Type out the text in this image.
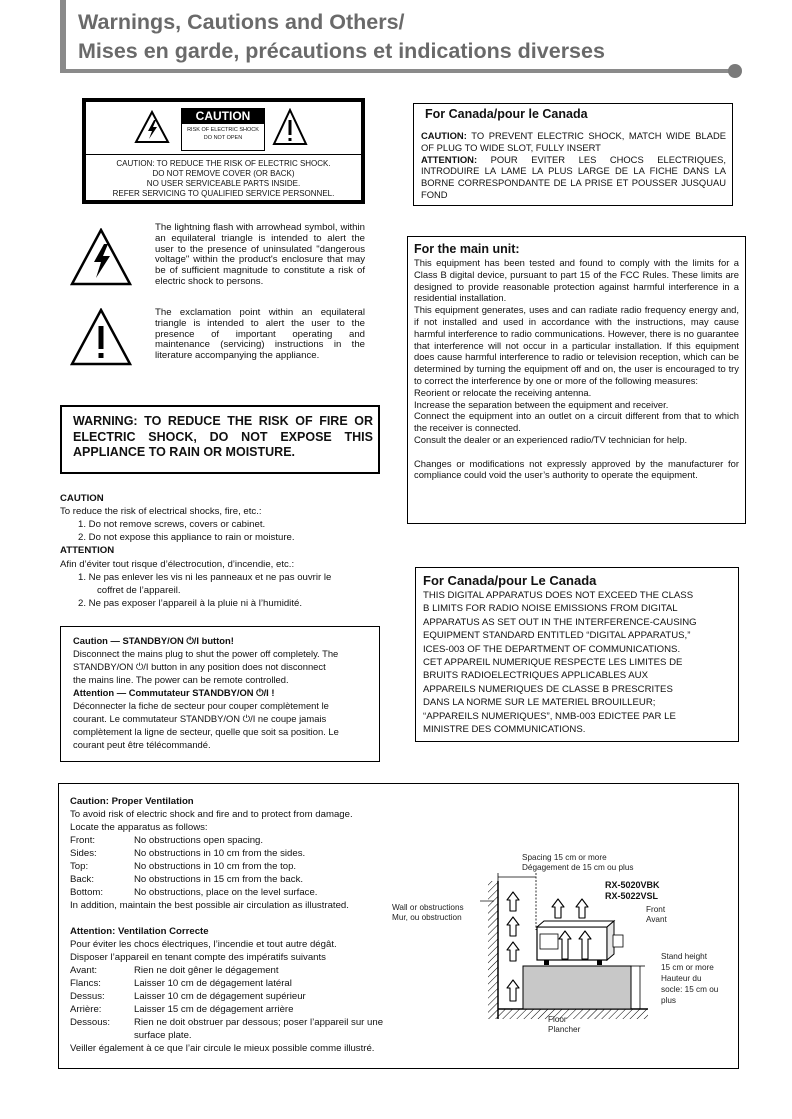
Warnings, Cautions and Others/
Mises en garde, précautions et indications diverses
CAUTION
RISK OF ELECTRIC SHOCK
DO NOT OPEN
CAUTION: TO REDUCE THE RISK OF ELECTRIC SHOCK.
DO NOT REMOVE COVER (OR BACK)
NO USER SERVICEABLE PARTS INSIDE.
REFER SERVICING TO QUALIFIED SERVICE PERSONNEL.
The lightning flash with arrowhead symbol, within an equilateral triangle is intended to alert the user to the presence of uninsulated "dangerous voltage" within the product's enclosure that may be of sufficient magnitude to constitute a risk of electric shock to persons.
The exclamation point within an equilateral triangle is intended to alert the user to the presence of important operating and maintenance (servicing) instructions in the literature accompanying the appliance.
WARNING: TO REDUCE THE RISK OF FIRE OR ELECTRIC SHOCK, DO NOT EXPOSE THIS APPLIANCE TO RAIN OR MOISTURE.
CAUTION
To reduce the risk of electrical shocks, fire, etc.:
1. Do not remove screws, covers or cabinet.
2. Do not expose this appliance to rain or moisture.
ATTENTION
Afin d’éviter tout risque d’électrocution, d’incendie, etc.:
1. Ne pas enlever les vis ni les panneaux et ne pas ouvrir le
coffret de l’appareil.
2. Ne pas exposer l’appareil à la pluie ni à l’humidité.
Caution — STANDBY/ON ⏻/I button!
Disconnect the mains plug to shut the power off completely. The
STANDBY/ON ⏻/I button in any position does not disconnect
the mains line. The power can be remote controlled.
Attention — Commutateur STANDBY/ON ⏻/I !
Déconnecter la fiche de secteur pour couper complètement le
courant. Le commutateur STANDBY/ON ⏻/I ne coupe jamais
complètement la ligne de secteur, quelle que soit sa position. Le
courant peut être télécommandé.
For Canada/pour le Canada
CAUTION: TO PREVENT ELECTRIC SHOCK, MATCH WIDE BLADE OF PLUG TO WIDE SLOT, FULLY INSERT
ATTENTION: POUR EVITER LES CHOCS ELECTRIQUES, INTRODUIRE LA LAME LA PLUS LARGE DE LA FICHE DANS LA BORNE CORRESPONDANTE DE LA PRISE ET POUSSER JUSQUAU FOND
For the main unit:
This equipment has been tested and found to comply with the limits for a Class B digital device, pursuant to part 15 of the FCC Rules. These limits are designed to provide reasonable protection against harmful interference in a residential installation.
This equipment generates, uses and can radiate radio frequency energy and, if not installed and used in accordance with the instructions, may cause harmful interference to radio communications. However, there is no guarantee that interference will not occur in a particular installation. If this equipment does cause harmful interference to radio or television reception, which can be determined by turning the equipment off and on, the user is encouraged to try to correct the interference by one or more of the following measures:
Reorient or relocate the receiving antenna.
Increase the separation between the equipment and receiver.
Connect the equipment into an outlet on a circuit different from that to which the receiver is connected.
Consult the dealer or an experienced radio/TV technician for help.
Changes or modifications not expressly approved by the manufacturer for compliance could void the user’s authority to operate the equipment.
For Canada/pour Le Canada
THIS DIGITAL APPARATUS DOES NOT EXCEED THE CLASS
B LIMITS FOR RADIO NOISE EMISSIONS FROM DIGITAL
APPARATUS AS SET OUT IN THE INTERFERENCE-CAUSING
EQUIPMENT STANDARD ENTITLED “DIGITAL APPARATUS,”
ICES-003 OF THE DEPARTMENT OF COMMUNICATIONS.
CET APPAREIL NUMERIQUE RESPECTE LES LIMITES DE
BRUITS RADIOELECTRIQUES APPLICABLES AUX
APPAREILS NUMERIQUES DE CLASSE B PRESCRITES
DANS LA NORME SUR LE MATERIEL BROUILLEUR;
“APPAREILS NUMERIQUES”, NMB-003 EDICTEE PAR LE
MINISTRE DES COMMUNICATIONS.
Caution: Proper Ventilation
To avoid risk of electric shock and fire and to protect from damage.
Locate the apparatus as follows:
Front:	No obstructions open spacing.
Sides:	No obstructions in 10 cm from the sides.
Top:	No obstructions in 10 cm from the top.
Back:	No obstructions in 15 cm from the back.
Bottom:	No obstructions, place on the level surface.
In addition, maintain the best possible air circulation as illustrated.
Attention: Ventilation Correcte
Pour éviter les chocs électriques, l’incendie et tout autre dégât.
Disposer l’appareil en tenant compte des impératifs suivants
Avant:	Rien ne doit gêner le dégagement
Flancs:	Laisser 10 cm de dégagement latéral
Dessus:	Laisser 10 cm de dégagement supérieur
Arrière:	Laisser 15 cm de dégagement arrière
Dessous:	Rien ne doit obstruer par dessous; poser l’appareil sur une
surface plate.
Veiller également à ce que l’air circule le mieux possible comme illustré.
Spacing 15 cm or more
Dégagement de 15 cm ou plus
RX-5020VBK
RX-5022VSL
Front
Avant
Wall or obstructions
Mur, ou obstruction
Stand height
15 cm or more
Hauteur du
socle: 15 cm ou
plus
Floor
Plancher
